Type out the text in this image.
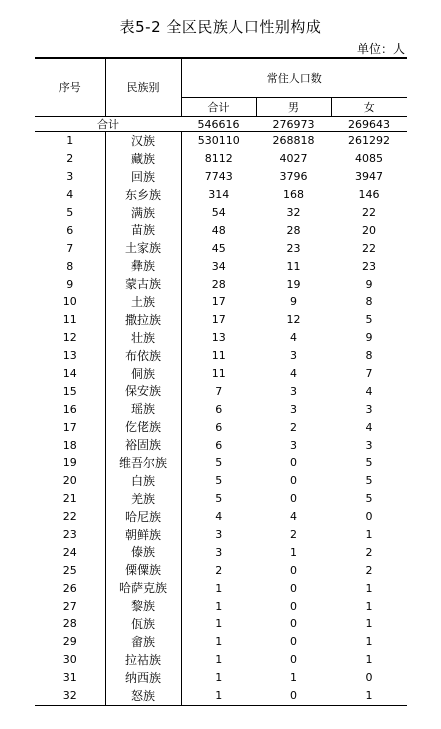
表5-2 全区民族人口性别构成
单位：人
序号	民族别	常住人口数		
		合计	男	女
合计		546616	276973	269643
1	汉族	530110	268818	261292
2	藏族	8112	4027	4085
3	回族	7743	3796	3947
4	东乡族	314	168	146
5	满族	54	32	22
6	苗族	48	28	20
7	土家族	45	23	22
8	彝族	34	11	23
9	蒙古族	28	19	9
10	土族	17	9	8
11	撒拉族	17	12	5
12	壮族	13	4	9
13	布依族	11	3	8
14	侗族	11	4	7
15	保安族	7	3	4
16	瑶族	6	3	3
17	仡佬族	6	2	4
18	裕固族	6	3	3
19	维吾尔族	5	0	5
20	白族	5	0	5
21	羌族	5	0	5
22	哈尼族	4	4	0
23	朝鲜族	3	2	1
24	傣族	3	1	2
25	傈僳族	2	0	2
26	哈萨克族	1	0	1
27	黎族	1	0	1
28	佤族	1	0	1
29	畲族	1	0	1
30	拉祜族	1	0	1
31	纳西族	1	1	0
32	怒族	1	0	1
